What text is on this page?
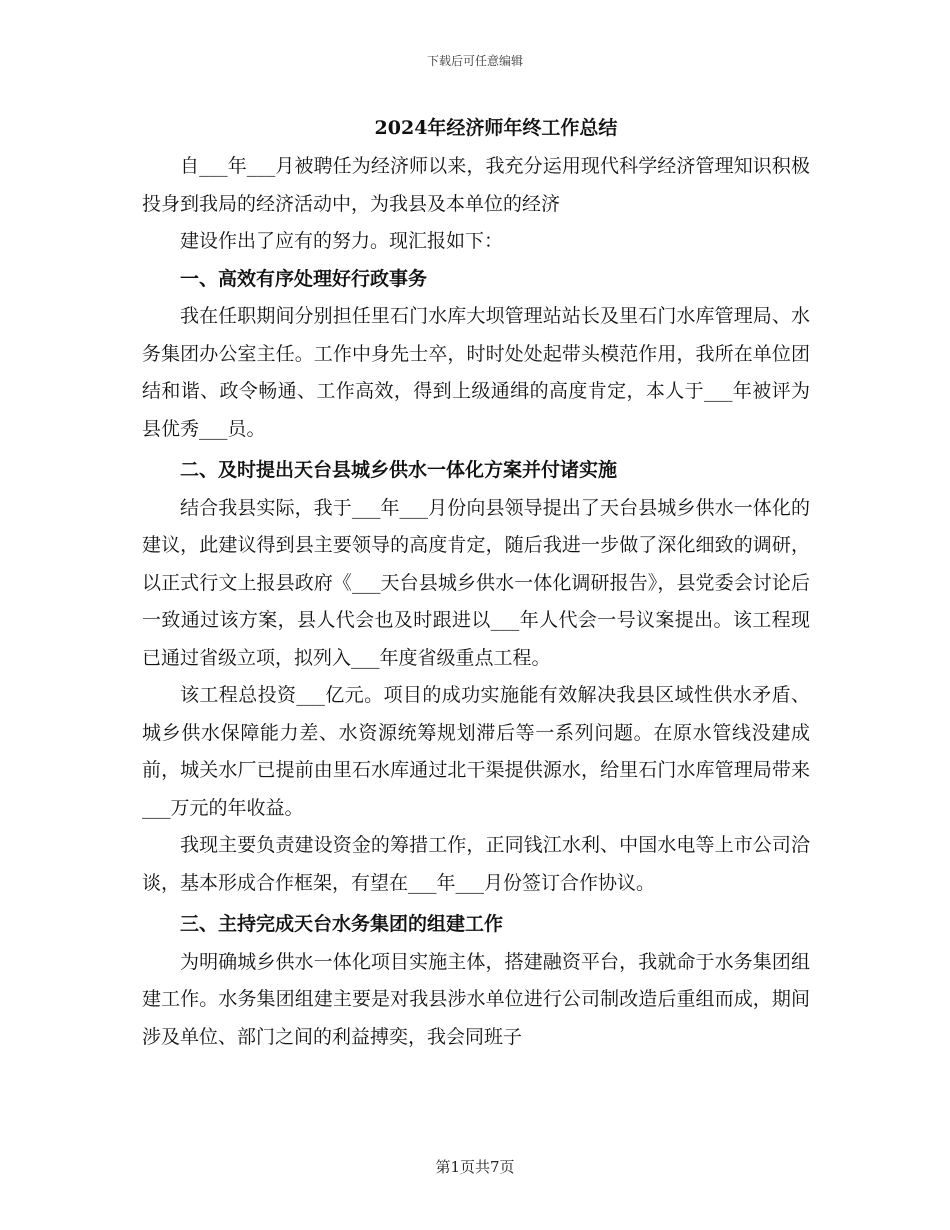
下载后可任意编辑
2024年经济师年终工作总结

自___年___月被聘任为经济师以来，我充分运用现代科学经济管理知识积极投身到我局的经济活动中，为我县及本单位的经济

建设作出了应有的努力。现汇报如下：

一、高效有序处理好行政事务

我在任职期间分别担任里石门水库大坝管理站站长及里石门水库管理局、水务集团办公室主任。工作中身先士卒，时时处处起带头模范作用，我所在单位团结和谐、政令畅通、工作高效，得到上级通缉的高度肯定，本人于___年被评为县优秀___员。

二、及时提出天台县城乡供水一体化方案并付诸实施

结合我县实际，我于___年___月份向县领导提出了天台县城乡供水一体化的建议，此建议得到县主要领导的高度肯定，随后我进一步做了深化细致的调研，以正式行文上报县政府《___天台县城乡供水一体化调研报告》，县党委会讨论后一致通过该方案，县人代会也及时跟进以___年人代会一号议案提出。该工程现已通过省级立项，拟列入___年度省级重点工程。

该工程总投资___亿元。项目的成功实施能有效解决我县区域性供水矛盾、城乡供水保障能力差、水资源统筹规划滞后等一系列问题。在原水管线没建成前，城关水厂已提前由里石水库通过北干渠提供源水，给里石门水库管理局带来___万元的年收益。

我现主要负责建设资金的筹措工作，正同钱江水利、中国水电等上市公司洽谈，基本形成合作框架，有望在___年___月份签订合作协议。

三、主持完成天台水务集团的组建工作

为明确城乡供水一体化项目实施主体，搭建融资平台，我就命于水务集团组建工作。水务集团组建主要是对我县涉水单位进行公司制改造后重组而成，期间涉及单位、部门之间的利益搏奕，我会同班子

第1页共7页
